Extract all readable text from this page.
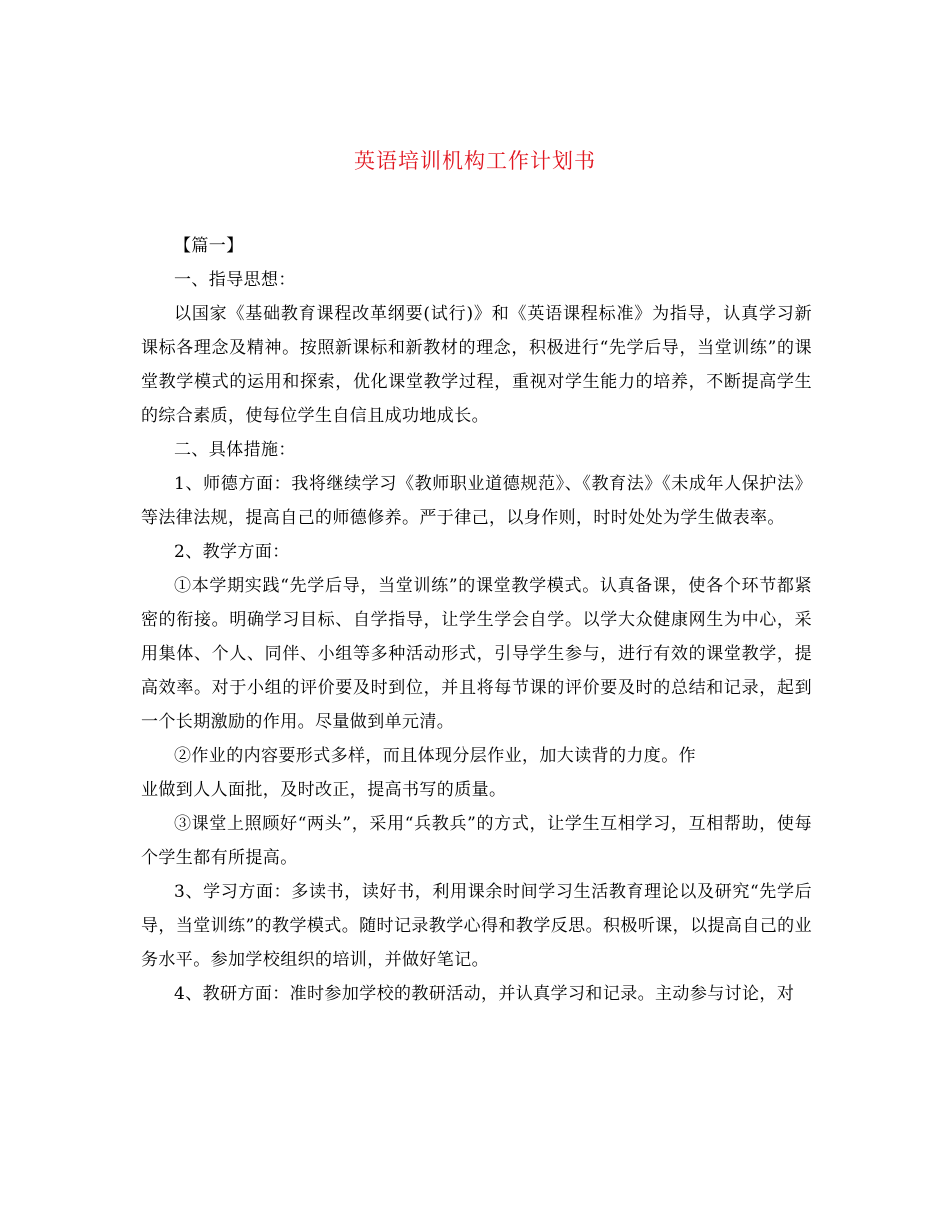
英语培训机构工作计划书

【篇一】

一、指导思想：

以国家《基础教育课程改革纲要(试行)》和《英语课程标准》为指导，认真学习新课标各理念及精神。按照新课标和新教材的理念，积极进行“先学后导，当堂训练”的课堂教学模式的运用和探索，优化课堂教学过程，重视对学生能力的培养，不断提高学生的综合素质，使每位学生自信且成功地成长。

二、具体措施：

1、师德方面：我将继续学习《教师职业道德规范》、《教育法》《未成年人保护法》等法律法规，提高自己的师德修养。严于律己，以身作则，时时处处为学生做表率。

2、教学方面：

①本学期实践“先学后导，当堂训练”的课堂教学模式。认真备课，使各个环节都紧密的衔接。明确学习目标、自学指导，让学生学会自学。以学大众健康网生为中心，采用集体、个人、同伴、小组等多种活动形式，引导学生参与，进行有效的课堂教学，提高效率。对于小组的评价要及时到位，并且将每节课的评价要及时的总结和记录，起到一个长期激励的作用。尽量做到单元清。

②作业的内容要形式多样，而且体现分层作业，加大读背的力度。作

业做到人人面批，及时改正，提高书写的质量。

③课堂上照顾好“两头”，采用“兵教兵”的方式，让学生互相学习，互相帮助，使每个学生都有所提高。

3、学习方面：多读书，读好书，利用课余时间学习生活教育理论以及研究“先学后导，当堂训练”的教学模式。随时记录教学心得和教学反思。积极听课，以提高自己的业务水平。参加学校组织的培训，并做好笔记。

4、教研方面：准时参加学校的教研活动，并认真学习和记录。主动参与讨论，对
